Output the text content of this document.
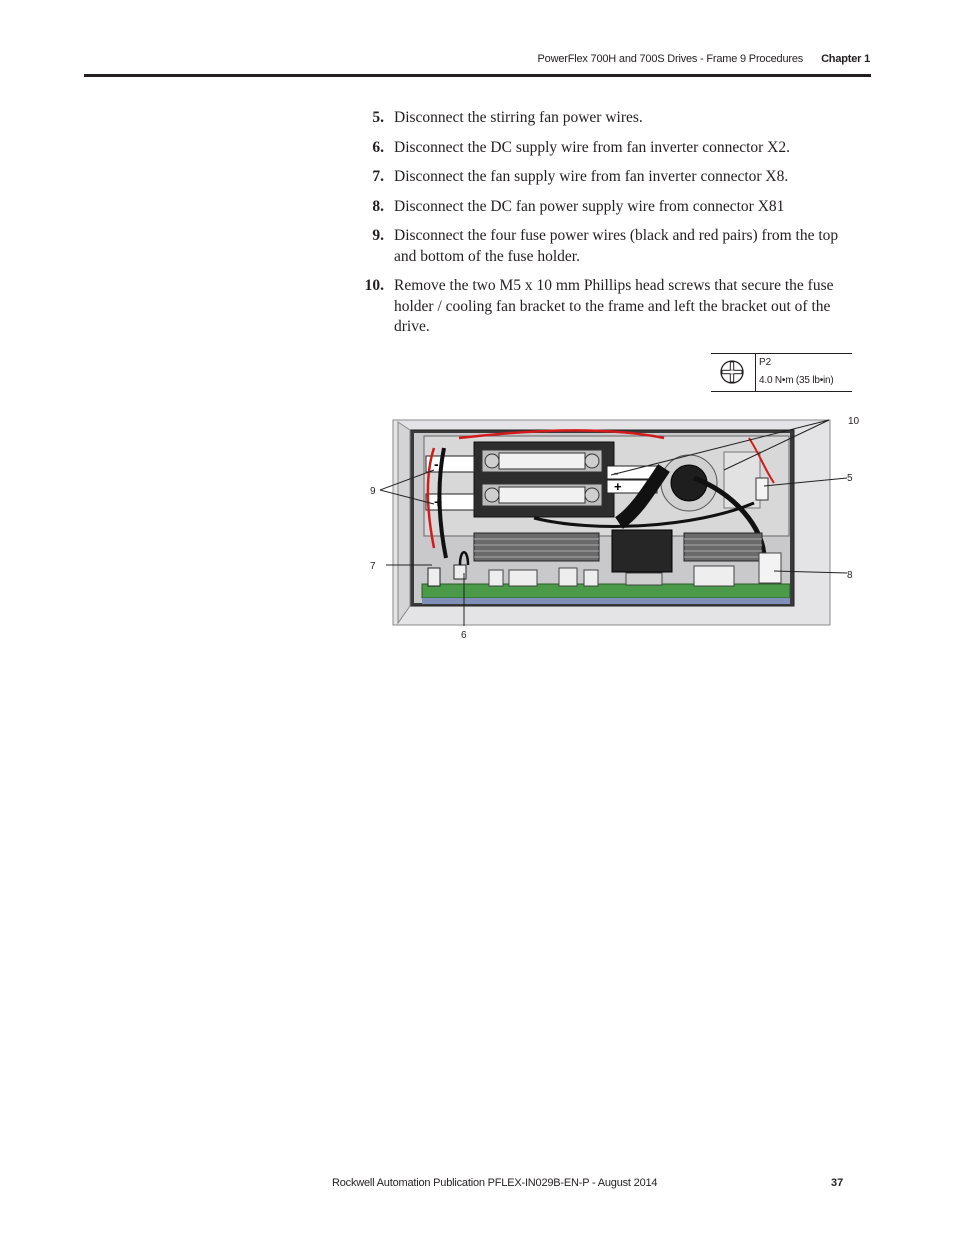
PowerFlex 700H and 700S Drives - Frame 9 Procedures Chapter 1
5. Disconnect the stirring fan power wires.
6. Disconnect the DC supply wire from fan inverter connector X2.
7. Disconnect the fan supply wire from fan inverter connector X8.
8. Disconnect the DC fan power supply wire from connector X81
9. Disconnect the four fuse power wires (black and red pairs) from the top and bottom of the fuse holder.
10. Remove the two M5 x 10 mm Phillips head screws that secure the fuse holder / cooling fan bracket to the frame and left the bracket out of the drive.
P2
4.0 N•m (35 lb•in)
-
+
-
+
10
5
9
7
8
6
Rockwell Automation Publication PFLEX-IN029B-EN-P - August 2014	37
